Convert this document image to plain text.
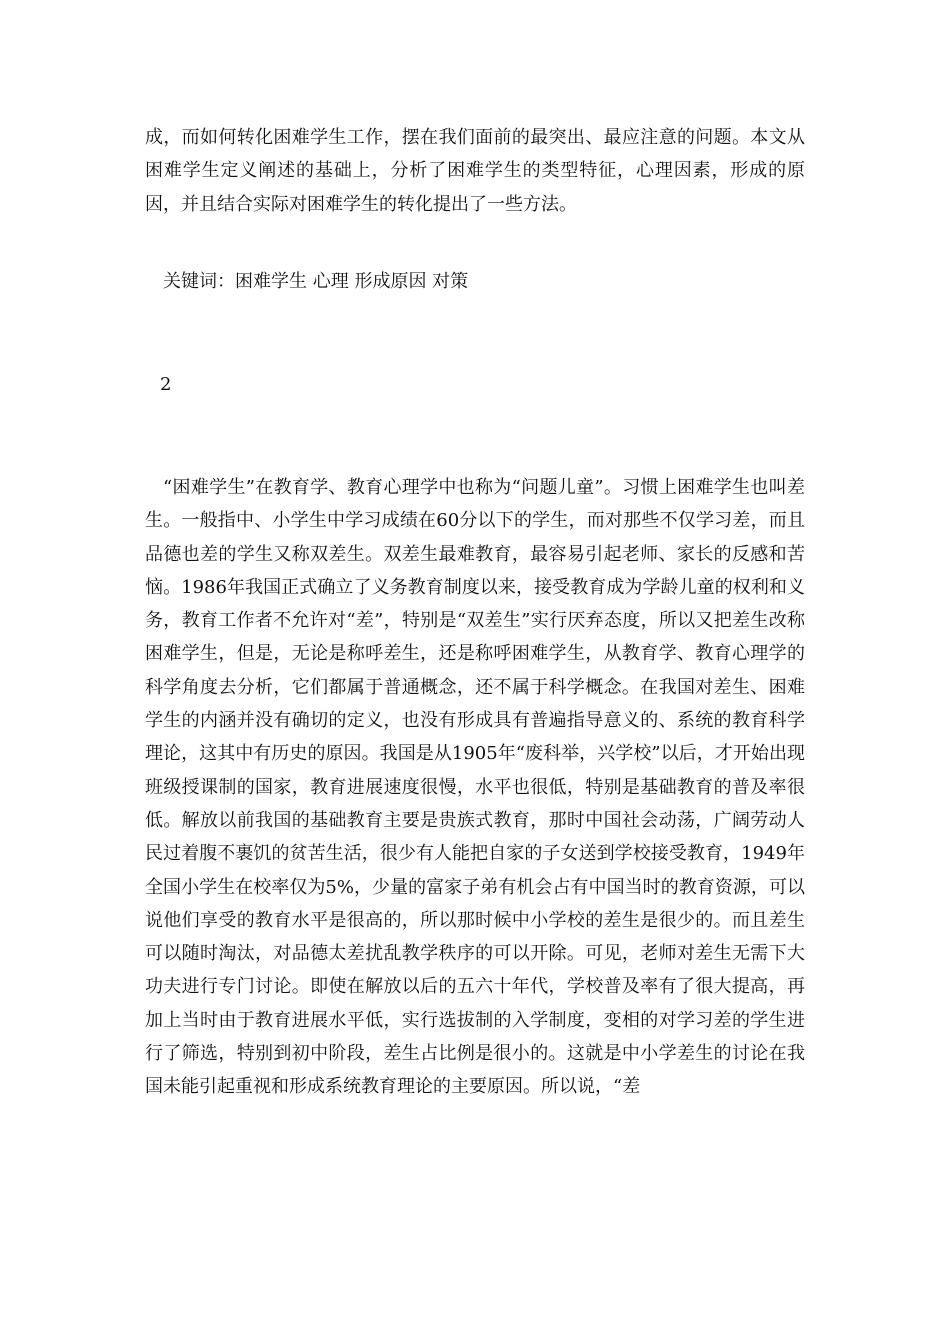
成，而如何转化困难学生工作，摆在我们面前的最突出、最应注意的问题。本文从困难学生定义阐述的基础上，分析了困难学生的类型特征，心理因素，形成的原因，并且结合实际对困难学生的转化提出了一些方法。

关键词：困难学生 心理 形成原因 对策

2

“困难学生”在教育学、教育心理学中也称为“问题儿童”。习惯上困难学生也叫差生。一般指中、小学生中学习成绩在60分以下的学生，而对那些不仅学习差，而且品德也差的学生又称双差生。双差生最难教育，最容易引起老师、家长的反感和苦恼。1986年我国正式确立了义务教育制度以来，接受教育成为学龄儿童的权利和义务，教育工作者不允许对“差”，特别是“双差生”实行厌弃态度，所以又把差生改称困难学生，但是，无论是称呼差生，还是称呼困难学生，从教育学、教育心理学的科学角度去分析，它们都属于普通概念，还不属于科学概念。在我国对差生、困难学生的内涵并没有确切的定义，也没有形成具有普遍指导意义的、系统的教育科学理论，这其中有历史的原因。我国是从1905年“废科举，兴学校”以后，才开始出现班级授课制的国家，教育进展速度很慢，水平也很低，特别是基础教育的普及率很低。解放以前我国的基础教育主要是贵族式教育，那时中国社会动荡，广阔劳动人民过着腹不裹饥的贫苦生活，很少有人能把自家的子女送到学校接受教育，1949年全国小学生在校率仅为5%，少量的富家子弟有机会占有中国当时的教育资源，可以说他们享受的教育水平是很高的，所以那时候中小学校的差生是很少的。而且差生可以随时淘汰，对品德太差扰乱教学秩序的可以开除。可见，老师对差生无需下大功夫进行专门讨论。即使在解放以后的五六十年代，学校普及率有了很大提高，再加上当时由于教育进展水平低，实行选拔制的入学制度，变相的对学习差的学生进行了筛选，特别到初中阶段，差生占比例是很小的。这就是中小学差生的讨论在我国未能引起重视和形成系统教育理论的主要原因。所以说，“差
